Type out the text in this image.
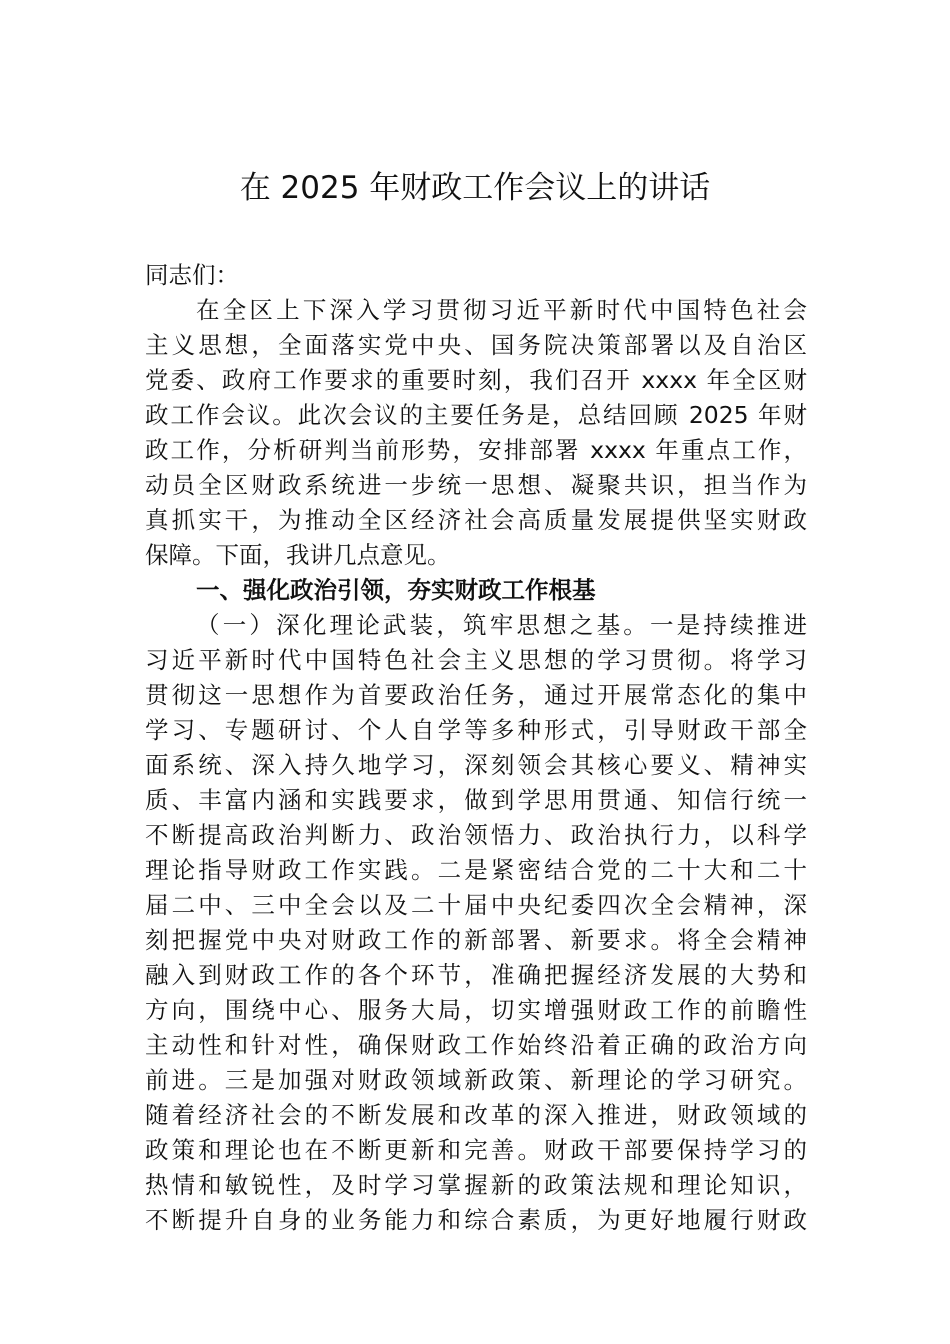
在 2025 年财政工作会议上的讲话
同志们：
在全区上下深入学习贯彻习近平新时代中国特色社会
主义思想，全面落实党中央、国务院决策部署以及自治区
党委、政府工作要求的重要时刻，我们召开 xxxx 年全区财
政工作会议。此次会议的主要任务是，总结回顾 2025 年财
政工作，分析研判当前形势，安排部署 xxxx 年重点工作，
动员全区财政系统进一步统一思想、凝聚共识，担当作为
真抓实干，为推动全区经济社会高质量发展提供坚实财政
保障。下面，我讲几点意见。
一、强化政治引领，夯实财政工作根基
（一）深化理论武装，筑牢思想之基。一是持续推进
习近平新时代中国特色社会主义思想的学习贯彻。将学习
贯彻这一思想作为首要政治任务，通过开展常态化的集中
学习、专题研讨、个人自学等多种形式，引导财政干部全
面系统、深入持久地学习，深刻领会其核心要义、精神实
质、丰富内涵和实践要求，做到学思用贯通、知信行统一
不断提高政治判断力、政治领悟力、政治执行力，以科学
理论指导财政工作实践。二是紧密结合党的二十大和二十
届二中、三中全会以及二十届中央纪委四次全会精神，深
刻把握党中央对财政工作的新部署、新要求。将全会精神
融入到财政工作的各个环节，准确把握经济发展的大势和
方向，围绕中心、服务大局，切实增强财政工作的前瞻性
主动性和针对性，确保财政工作始终沿着正确的政治方向
前进。三是加强对财政领域新政策、新理论的学习研究。
随着经济社会的不断发展和改革的深入推进，财政领域的
政策和理论也在不断更新和完善。财政干部要保持学习的
热情和敏锐性，及时学习掌握新的政策法规和理论知识，
不断提升自身的业务能力和综合素质，为更好地履行财政
